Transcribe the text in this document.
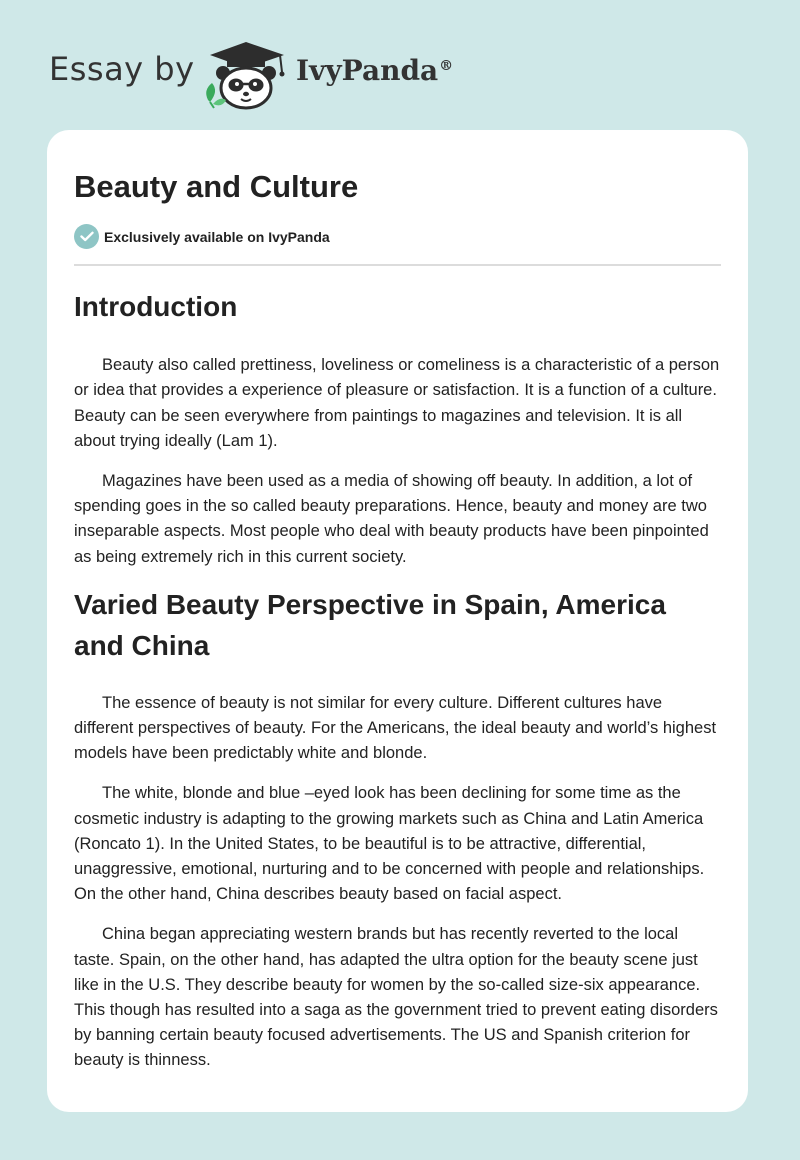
Essay by	IvyPanda®
Beauty and Culture
Exclusively available on IvyPanda
Introduction

Beauty also called prettiness, loveliness or comeliness is a characteristic of a person or idea that provides a experience of pleasure or satisfaction. It is a function of a culture. Beauty can be seen everywhere from paintings to magazines and television. It is all about trying ideally (Lam 1).

Magazines have been used as a media of showing off beauty. In addition, a lot of spending goes in the so called beauty preparations. Hence, beauty and money are two inseparable aspects. Most people who deal with beauty products have been pinpointed as being extremely rich in this current society.

Varied Beauty Perspective in Spain, America and China

The essence of beauty is not similar for every culture. Different cultures have different perspectives of beauty. For the Americans, the ideal beauty and world’s highest models have been predictably white and blonde.

The white, blonde and blue –eyed look has been declining for some time as the cosmetic industry is adapting to the growing markets such as China and Latin America (Roncato 1). In the United States, to be beautiful is to be attractive, differential, unaggressive, emotional, nurturing and to be concerned with people and relationships. On the other hand, China describes beauty based on facial aspect.

China began appreciating western brands but has recently reverted to the local taste. Spain, on the other hand, has adapted the ultra option for the beauty scene just like in the U.S. They describe beauty for women by the so-called size-six appearance. This though has resulted into a saga as the government tried to prevent eating disorders by banning certain beauty focused advertisements. The US and Spanish criterion for beauty is thinness.
